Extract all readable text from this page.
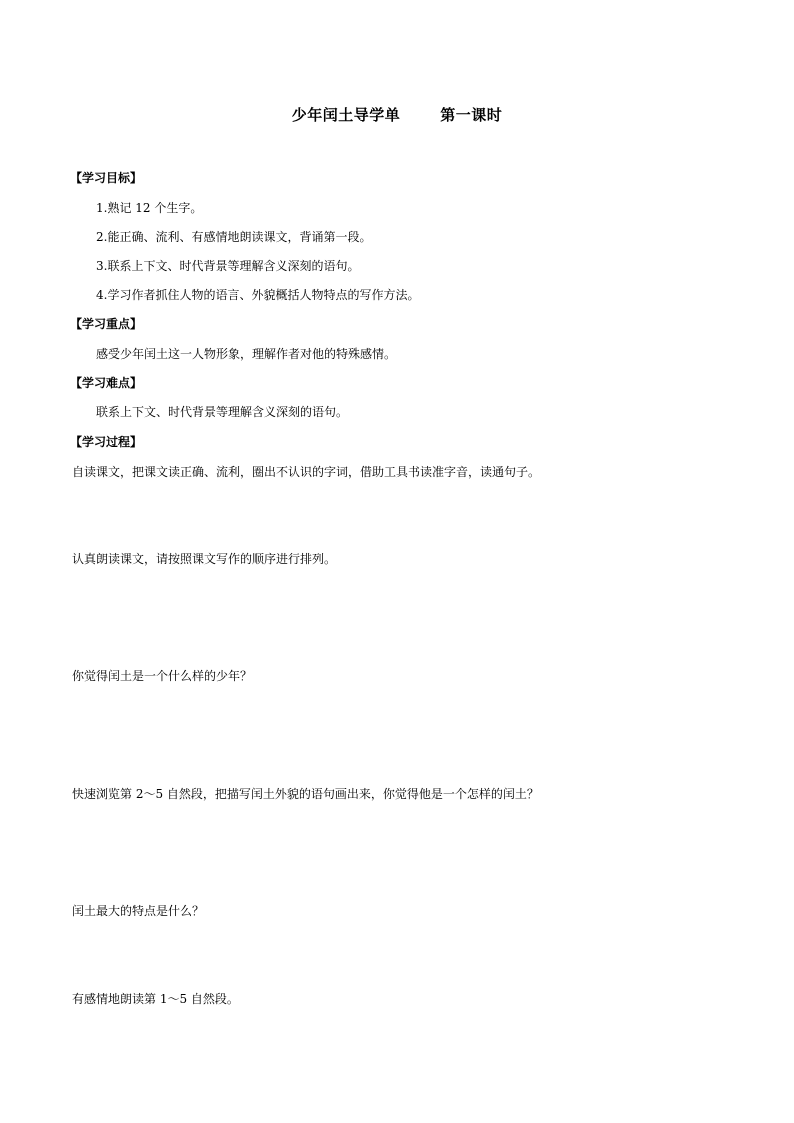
少年闰土导学单       第一课时
【学习目标】
1.熟记 12 个生字。
2.能正确、流利、有感情地朗读课文，背诵第一段。
3.联系上下文、时代背景等理解含义深刻的语句。
4.学习作者抓住人物的语言、外貌概括人物特点的写作方法。
【学习重点】
感受少年闰土这一人物形象，理解作者对他的特殊感情。
【学习难点】
联系上下文、时代背景等理解含义深刻的语句。
【学习过程】
自读课文，把课文读正确、流利，圈出不认识的字词，借助工具书读准字音，读通句子。
认真朗读课文，请按照课文写作的顺序进行排列。
你觉得闰土是一个什么样的少年？
快速浏览第 2～5 自然段，把描写闰土外貌的语句画出来，你觉得他是一个怎样的闰土？
闰土最大的特点是什么？
有感情地朗读第 1～5 自然段。
